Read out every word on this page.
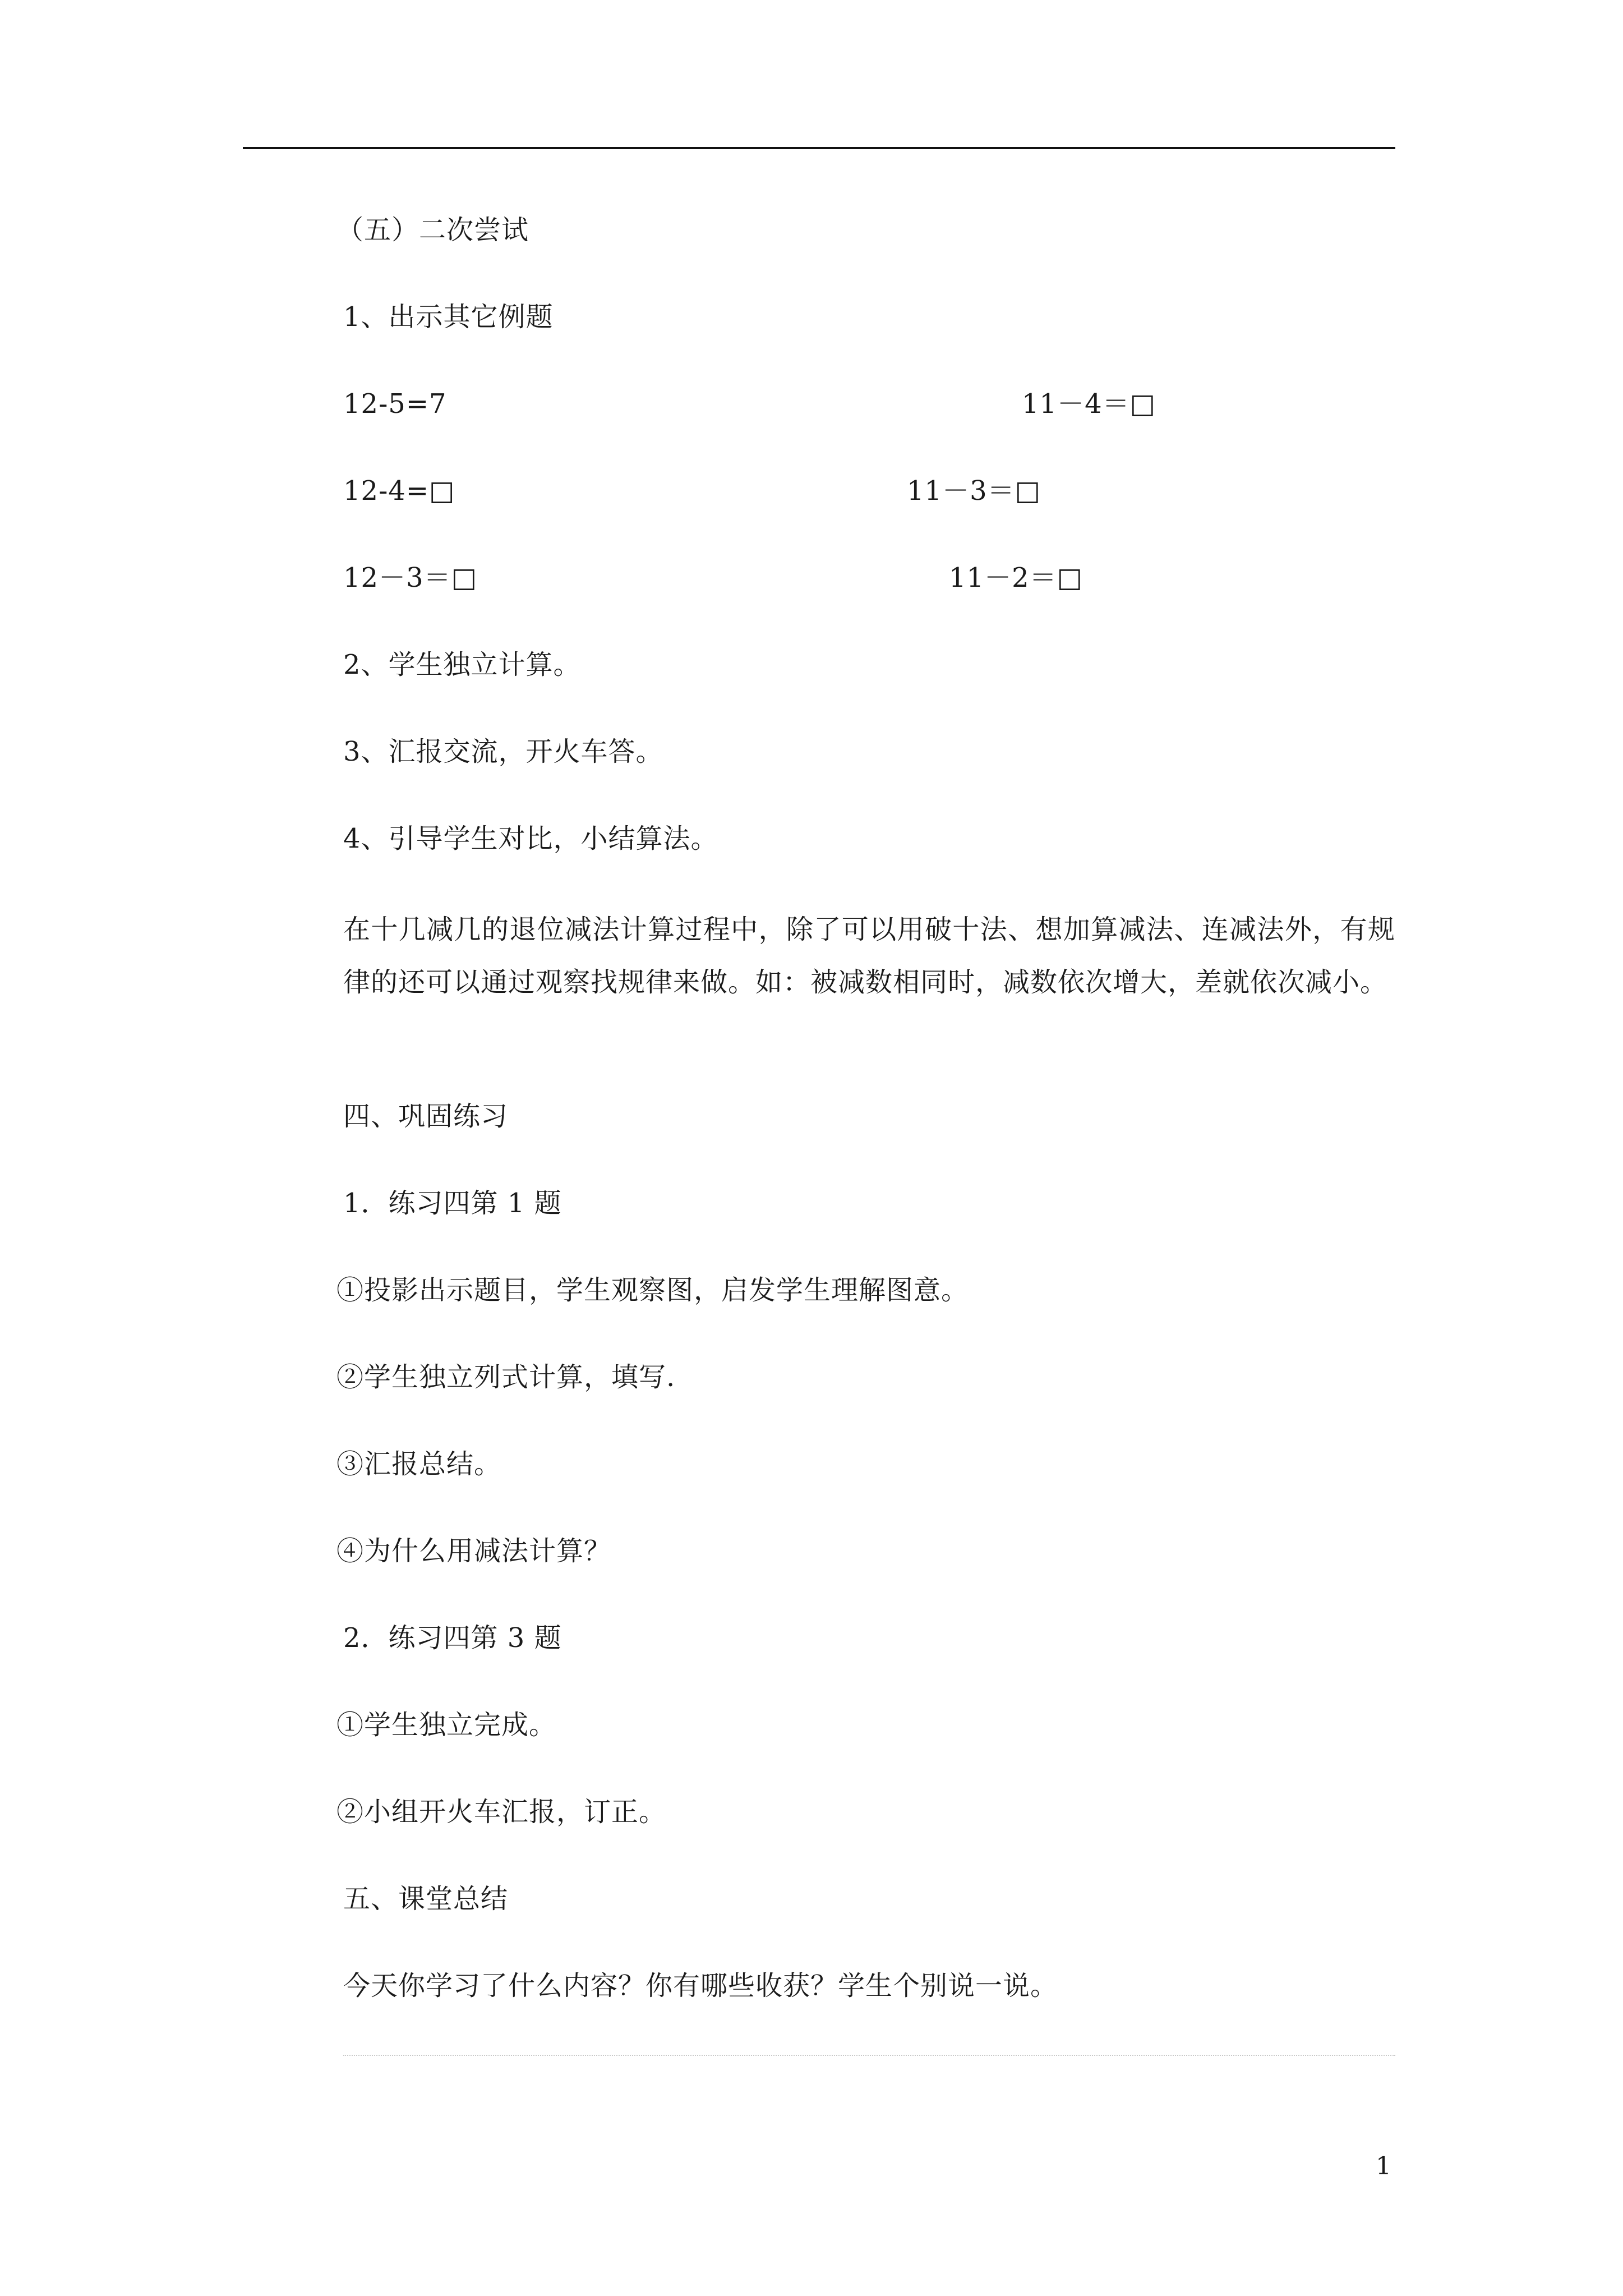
（五）二次尝试
1、出示其它例题
12-5=7	11－4＝□
12-4=□	11－3＝□
12－3＝□	11－2＝□
2、学生独立计算。
3、汇报交流，开火车答。
4、引导学生对比，小结算法。
在十几减几的退位减法计算过程中，除了可以用破十法、想加算减法、连减法外，有规律的还可以通过观察找规律来做。如：被减数相同时，减数依次增大，差就依次减小。
四、巩固练习
1．练习四第 1 题
①投影出示题目，学生观察图，启发学生理解图意。
②学生独立列式计算，填写.
③汇报总结。
④为什么用减法计算？
2．练习四第 3 题
①学生独立完成。
②小组开火车汇报，订正。
五、课堂总结
今天你学习了什么内容？你有哪些收获？学生个别说一说。
1
